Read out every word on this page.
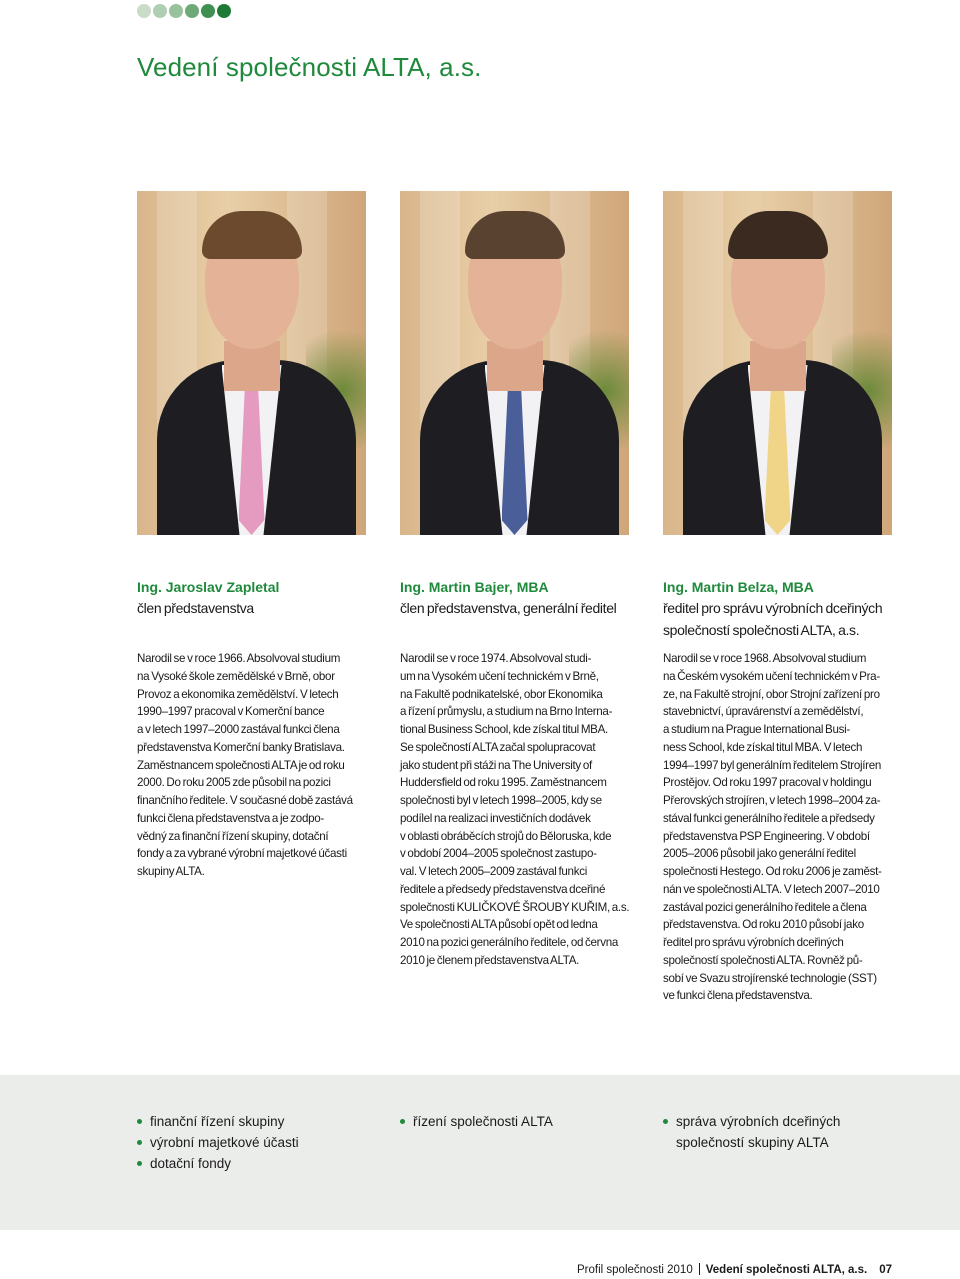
Vedení společnosti ALTA, a.s.
Ing. Jaroslav Zapletal
člen představenstva
Narodil se v roce 1966. Absolvoval studium
na Vysoké škole zemědělské v Brně, obor
Provoz a ekonomika zemědělství. V letech
1990–1997 pracoval v Komerční bance
a v letech 1997–2000 zastával funkci člena
představenstva Komerční banky Bratislava.
Zaměstnancem společnosti ALTA je od roku
2000. Do roku 2005 zde působil na pozici
finančního ředitele. V současné době zastává
funkci člena představenstva a je zodpo-
vědný za finanční řízení skupiny, dotační
fondy a za vybrané výrobní majetkové účasti
skupiny ALTA.
Ing. Martin Bajer, MBA
člen představenstva, generální ředitel
Narodil se v roce 1974. Absolvoval studi-
um na Vysokém učení technickém v Brně,
na Fakultě podnikatelské, obor Ekonomika
a řízení průmyslu, a studium na Brno Interna-
tional Business School, kde získal titul MBA.
Se společností ALTA začal spolupracovat
jako student při stáži na The University of
Huddersfield od roku 1995. Zaměstnancem
společnosti byl v letech 1998–2005, kdy se
podílel na realizaci investičních dodávek
v oblasti obráběcích strojů do Běloruska, kde
v období 2004–2005 společnost zastupo-
val. V letech 2005–2009 zastával funkci
ředitele a předsedy představenstva dceřiné
společnosti KULIČKOVÉ ŠROUBY KUŘIM, a.s.
Ve společnosti ALTA působí opět od ledna
2010 na pozici generálního ředitele, od června
2010 je členem představenstva ALTA.
Ing. Martin Belza, MBA
ředitel pro správu výrobních dceřiných
společností společnosti ALTA, a.s.
Narodil se v roce 1968. Absolvoval studium
na Českém vysokém učení technickém v Pra-
ze, na Fakultě strojní, obor Strojní zařízení pro
stavebnictví, úpravárenství a zemědělství,
a studium na Prague International Busi-
ness School, kde získal titul MBA. V letech
1994–1997 byl generálním ředitelem Strojíren
Prostějov. Od roku 1997 pracoval v holdingu
Přerovských strojíren, v letech 1998–2004 za-
stával funkci generálního ředitele a předsedy
představenstva PSP Engineering. V období
2005–2006 působil jako generální ředitel
společnosti Hestego. Od roku 2006 je zaměst-
nán ve společnosti ALTA. V letech 2007–2010
zastával pozici generálního ředitele a člena
představenstva. Od roku 2010 působí jako
ředitel pro správu výrobních dceřiných
společností společnosti ALTA. Rovněž pů-
sobí ve Svazu strojírenské technologie (SST)
ve funkci člena představenstva.
finanční řízení skupiny
výrobní majetkové účasti
dotační fondy
řízení společnosti ALTA	správa výrobních dceřiných
společností skupiny ALTA
Profil společnosti 2010 Vedení společnosti ALTA, a.s. 07
